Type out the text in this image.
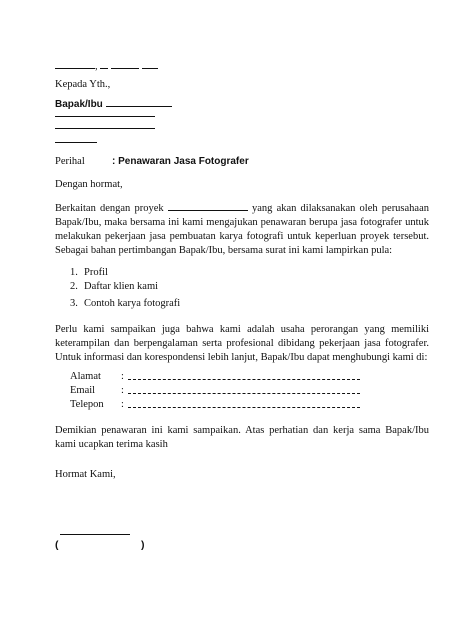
,
Kepada Yth.,
Bapak/Ibu
Perihal	: Penawaran Jasa Fotografer
Dengan hormat,
Berkaitan dengan proyek	yang akan dilaksanakan oleh perusahaan Bapak/Ibu, maka bersama ini kami mengajukan penawaran berupa jasa fotografer untuk melakukan pekerjaan jasa pembuatan karya fotografi untuk keperluan proyek tersebut. Sebagai bahan pertimbangan Bapak/Ibu, bersama surat ini kami lampirkan pula:
1. Profil
2. Daftar klien kami
3. Contoh karya fotografi
Perlu kami sampaikan juga bahwa kami adalah usaha perorangan yang memiliki keterampilan dan berpengalaman serta profesional dibidang pekerjaan jasa fotografer. Untuk informasi dan korespondensi lebih lanjut, Bapak/Ibu dapat menghubungi kami di:
Alamat :
Email :
Telepon :
Demikian penawaran ini kami sampaikan. Atas perhatian dan kerja sama Bapak/Ibu kami ucapkan terima kasih
Hormat Kami,
(	)
